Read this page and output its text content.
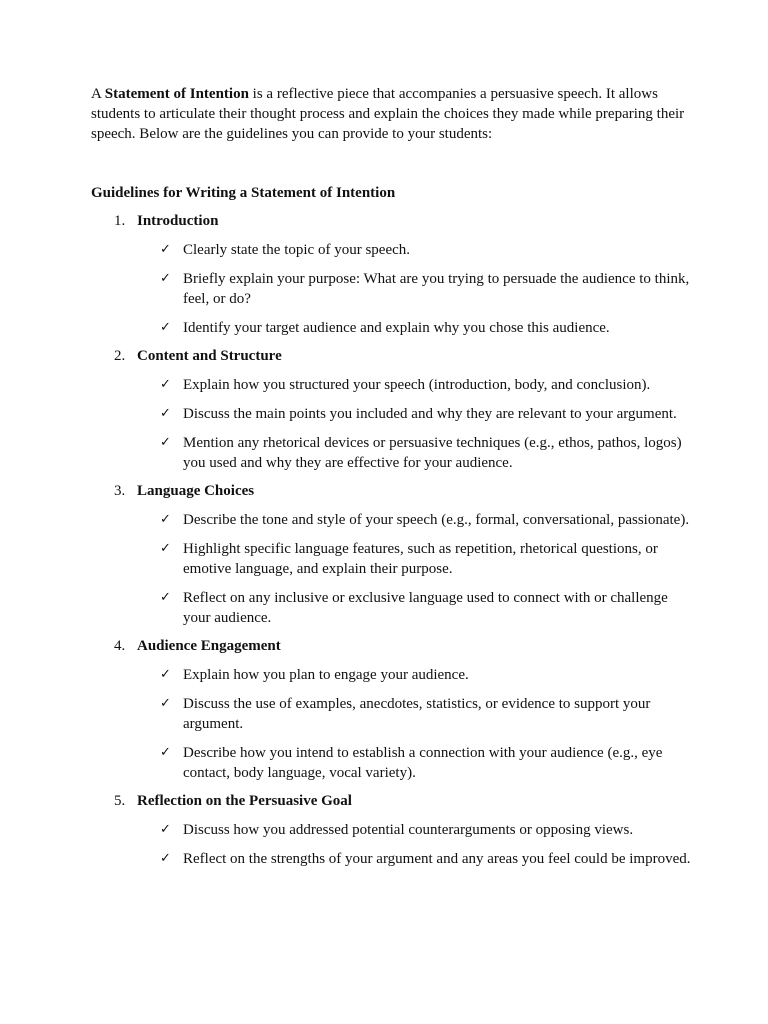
A Statement of Intention is a reflective piece that accompanies a persuasive speech. It allows students to articulate their thought process and explain the choices they made while preparing their speech. Below are the guidelines you can provide to your students:

Guidelines for Writing a Statement of Intention
1. Introduction
✓ Clearly state the topic of your speech.
✓ Briefly explain your purpose: What are you trying to persuade the audience to think, feel, or do?
✓ Identify your target audience and explain why you chose this audience.
2. Content and Structure
✓ Explain how you structured your speech (introduction, body, and conclusion).
✓ Discuss the main points you included and why they are relevant to your argument.
✓ Mention any rhetorical devices or persuasive techniques (e.g., ethos, pathos, logos) you used and why they are effective for your audience.
3. Language Choices
✓ Describe the tone and style of your speech (e.g., formal, conversational, passionate).
✓ Highlight specific language features, such as repetition, rhetorical questions, or emotive language, and explain their purpose.
✓ Reflect on any inclusive or exclusive language used to connect with or challenge your audience.
4. Audience Engagement
✓ Explain how you plan to engage your audience.
✓ Discuss the use of examples, anecdotes, statistics, or evidence to support your argument.
✓ Describe how you intend to establish a connection with your audience (e.g., eye contact, body language, vocal variety).
5. Reflection on the Persuasive Goal
✓ Discuss how you addressed potential counterarguments or opposing views.
✓ Reflect on the strengths of your argument and any areas you feel could be improved.
